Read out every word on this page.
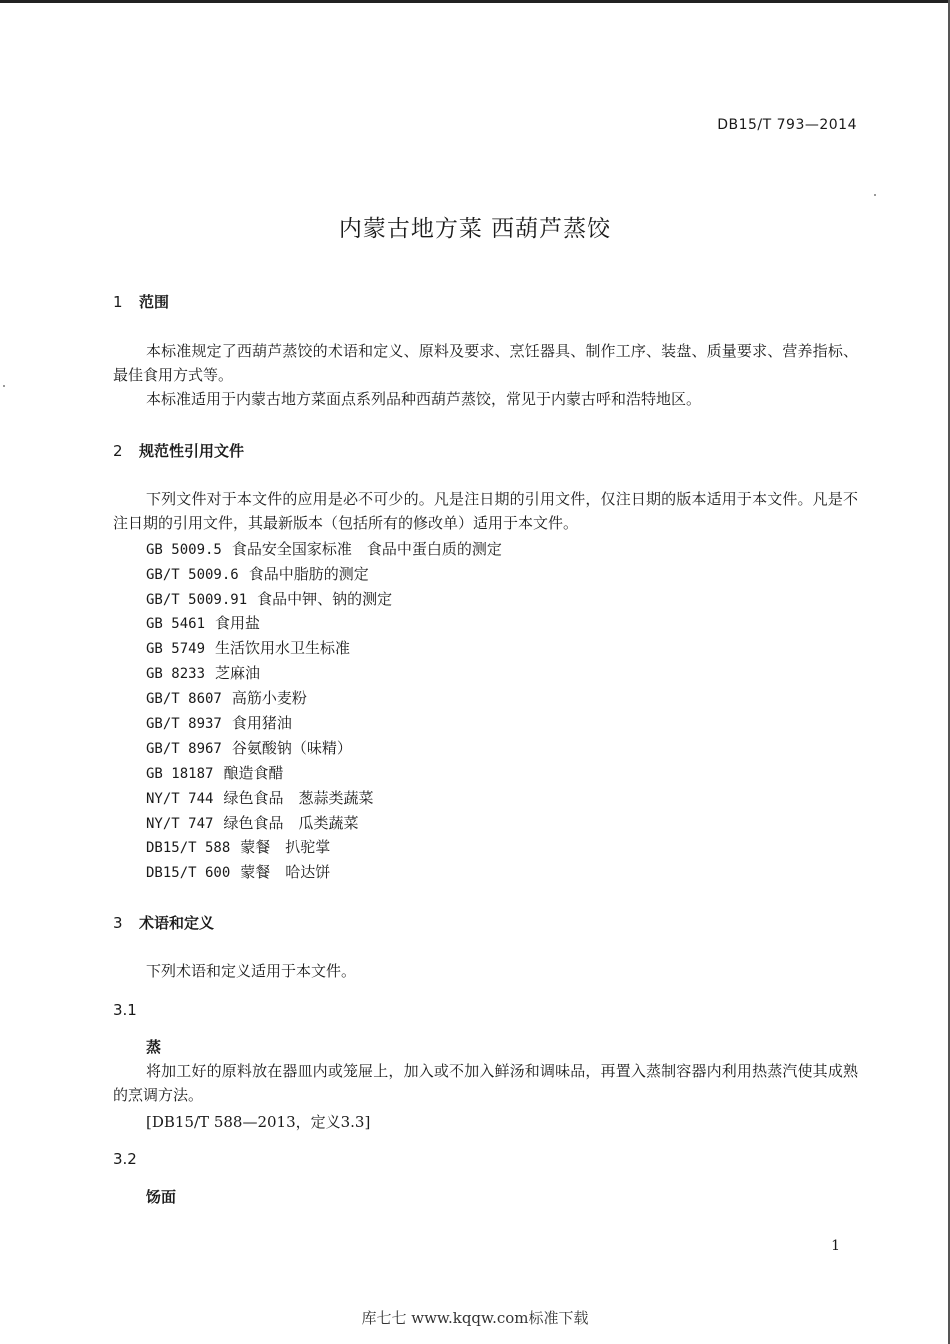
DB15/T 793—2014
内蒙古地方菜 西葫芦蒸饺
1 范围
本标准规定了西葫芦蒸饺的术语和定义、原料及要求、烹饪器具、制作工序、装盘、质量要求、营养指标、最佳食用方式等。
本标准适用于内蒙古地方菜面点系列品种西葫芦蒸饺，常见于内蒙古呼和浩特地区。
2 规范性引用文件
下列文件对于本文件的应用是必不可少的。凡是注日期的引用文件，仅注日期的版本适用于本文件。凡是不注日期的引用文件，其最新版本（包括所有的修改单）适用于本文件。
GB 5009.5 食品安全国家标准　食品中蛋白质的测定
GB/T 5009.6 食品中脂肪的测定
GB/T 5009.91 食品中钾、钠的测定
GB 5461 食用盐
GB 5749 生活饮用水卫生标准
GB 8233 芝麻油
GB/T 8607 高筋小麦粉
GB/T 8937 食用猪油
GB/T 8967 谷氨酸钠（味精）
GB 18187 酿造食醋
NY/T 744 绿色食品　葱蒜类蔬菜
NY/T 747 绿色食品　瓜类蔬菜
DB15/T 588 蒙餐　扒驼掌
DB15/T 600 蒙餐　哈达饼
3 术语和定义
下列术语和定义适用于本文件。
3.1
蒸
将加工好的原料放在器皿内或笼屉上，加入或不加入鲜汤和调味品，再置入蒸制容器内利用热蒸汽使其成熟的烹调方法。
[DB15/T 588—2013，定义3.3]
3.2
饧面
1
库七七 www.kqqw.com标准下载
